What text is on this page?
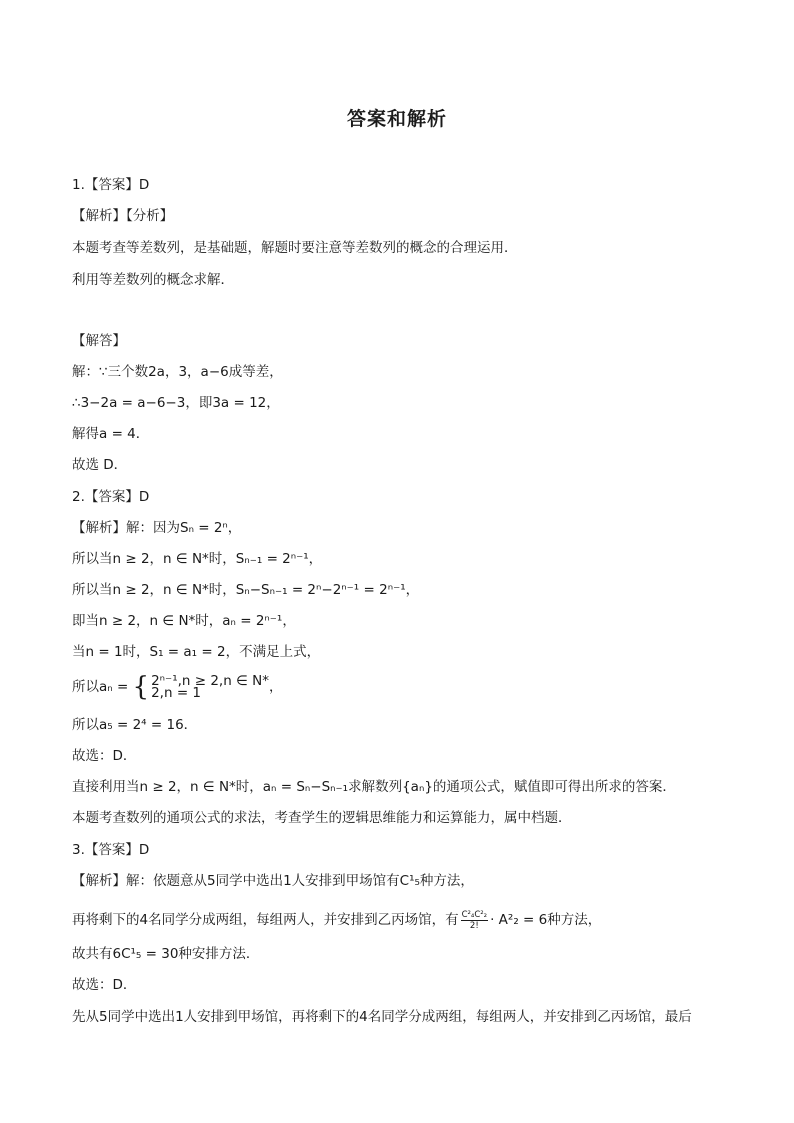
答案和解析
1.【答案】D
【解析】【分析】
本题考查等差数列，是基础题，解题时要注意等差数列的概念的合理运用．
利用等差数列的概念求解．
【解答】
解：∵三个数2a，3，a−6成等差，
∴3−2a = a−6−3，即3a = 12，
解得a = 4．
故选 D．
2.【答案】D
【解析】解：因为Sₙ = 2ⁿ，
所以当n ≥ 2，n ∈ N*时，Sₙ₋₁ = 2ⁿ⁻¹，
所以当n ≥ 2，n ∈ N*时，Sₙ−Sₙ₋₁ = 2ⁿ−2ⁿ⁻¹ = 2ⁿ⁻¹，
即当n ≥ 2，n ∈ N*时，aₙ = 2ⁿ⁻¹，
当n = 1时，S₁ = a₁ = 2，不满足上式，
所以aₙ = { 2ⁿ⁻¹,n ≥ 2,n ∈ N*
2,n = 1	，
所以a₅ = 2⁴ = 16．
故选：D．
直接利用当n ≥ 2，n ∈ N*时，aₙ = Sₙ−Sₙ₋₁求解数列{aₙ}的通项公式，赋值即可得出所求的答案．
本题考查数列的通项公式的求法，考查学生的逻辑思维能力和运算能力，属中档题．
3.【答案】D
【解析】解：依题意从5同学中选出1人安排到甲场馆有C¹₅种方法，
再将剩下的4名同学分成两组，每组两人，并安排到乙丙场馆，有 $\frac{\text{C²₄C²₂}}{2!} \cdot A^2_2 = 6$种方法，
故共有6C¹₅ = 30种安排方法．
故选：D．
先从5同学中选出1人安排到甲场馆，再将剩下的4名同学分成两组，每组两人，并安排到乙丙场馆，最后
